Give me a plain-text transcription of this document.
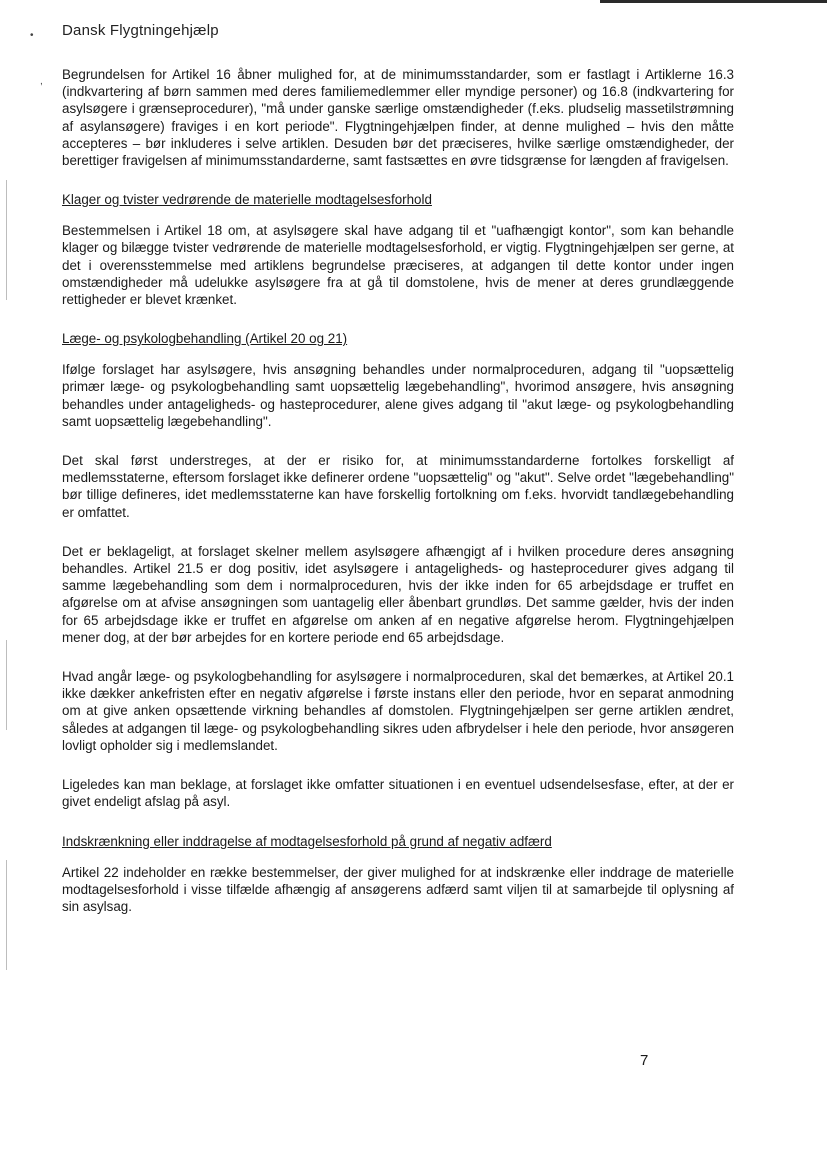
•
,
Dansk Flygtningehjælp

Begrundelsen for Artikel 16 åbner mulighed for, at de minimumsstandarder, som er fastlagt i Artiklerne 16.3 (indkvartering af børn sammen med deres familiemedlemmer eller myndige personer) og 16.8 (indkvartering for asylsøgere i grænseprocedurer), "må under ganske særlige omstændigheder (f.eks. pludselig massetilstrømning af asylansøgere) fraviges i en kort periode". Flygtningehjælpen finder, at denne mulighed – hvis den måtte accepteres – bør inkluderes i selve artiklen. Desuden bør det præciseres, hvilke særlige omstændigheder, der berettiger fravigelsen af minimumsstandarderne, samt fastsættes en øvre tidsgrænse for længden af fravigelsen.

Klager og tvister vedrørende de materielle modtagelsesforhold

Bestemmelsen i Artikel 18 om, at asylsøgere skal have adgang til et "uafhængigt kontor", som kan behandle klager og bilægge tvister vedrørende de materielle modtagelsesforhold, er vigtig. Flygtningehjælpen ser gerne, at det i overensstemmelse med artiklens begrundelse præciseres, at adgangen til dette kontor under ingen omstændigheder må udelukke asylsøgere fra at gå til domstolene, hvis de mener at deres grundlæggende rettigheder er blevet krænket.

Læge- og psykologbehandling (Artikel 20 og 21)

Ifølge forslaget har asylsøgere, hvis ansøgning behandles under normalproceduren, adgang til "uopsættelig primær læge- og psykologbehandling samt uopsættelig lægebehandling", hvorimod ansøgere, hvis ansøgning behandles under antageligheds- og hasteprocedurer, alene gives adgang til "akut læge- og psykologbehandling samt uopsættelig lægebehandling".

Det skal først understreges, at der er risiko for, at minimumsstandarderne fortolkes forskelligt af medlemsstaterne, eftersom forslaget ikke definerer ordene "uopsættelig" og "akut". Selve ordet "lægebehandling" bør tillige defineres, idet medlemsstaterne kan have forskellig fortolkning om f.eks. hvorvidt tandlægebehandling er omfattet.

Det er beklageligt, at forslaget skelner mellem asylsøgere afhængigt af i hvilken procedure deres ansøgning behandles. Artikel 21.5 er dog positiv, idet asylsøgere i antageligheds- og hasteprocedurer gives adgang til samme lægebehandling som dem i normalproceduren, hvis der ikke inden for 65 arbejdsdage er truffet en afgørelse om at afvise ansøgningen som uantagelig eller åbenbart grundløs. Det samme gælder, hvis der inden for 65 arbejdsdage ikke er truffet en afgørelse om anken af en negative afgørelse herom. Flygtningehjælpen mener dog, at der bør arbejdes for en kortere periode end 65 arbejdsdage.

Hvad angår læge- og psykologbehandling for asylsøgere i normalproceduren, skal det bemærkes, at Artikel 20.1 ikke dækker ankefristen efter en negativ afgørelse i første instans eller den periode, hvor en separat anmodning om at give anken opsættende virkning behandles af domstolen. Flygtningehjælpen ser gerne artiklen ændret, således at adgangen til læge- og psykologbehandling sikres uden afbrydelser i hele den periode, hvor ansøgeren lovligt opholder sig i medlemslandet.

Ligeledes kan man beklage, at forslaget ikke omfatter situationen i en eventuel udsendelsesfase, efter, at der er givet endeligt afslag på asyl.

Indskrænkning eller inddragelse af modtagelsesforhold på grund af negativ adfærd

Artikel 22 indeholder en række bestemmelser, der giver mulighed for at indskrænke eller inddrage de materielle modtagelsesforhold i visse tilfælde afhængig af ansøgerens adfærd samt viljen til at samarbejde til oplysning af sin asylsag.

7
